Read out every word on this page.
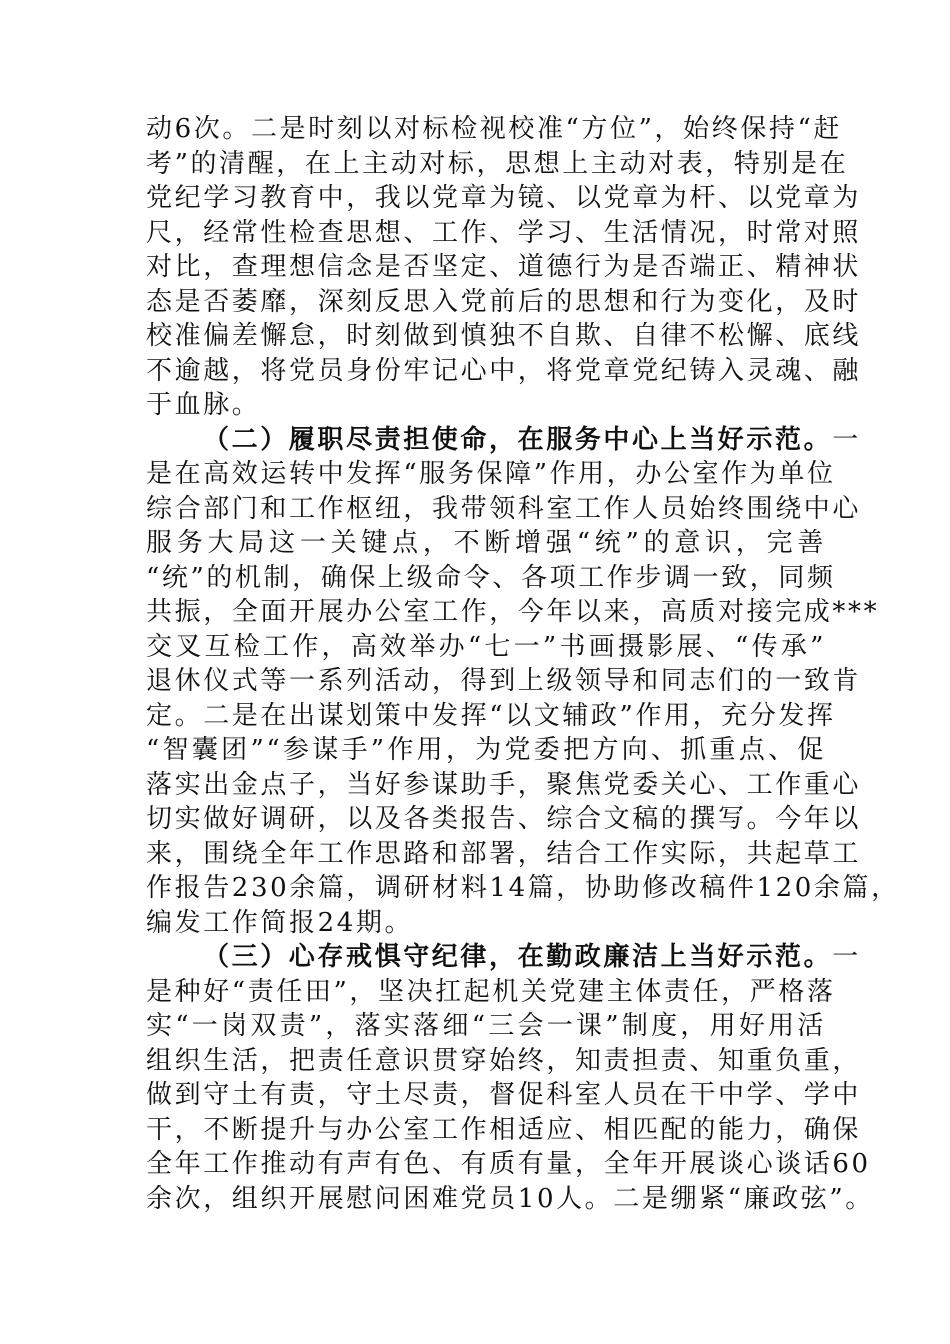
动6次。二是时刻以对标检视校准“方位”，始终保持“赶
考”的清醒，在上主动对标，思想上主动对表，特别是在
党纪学习教育中，我以党章为镜、以党章为杆、以党章为
尺，经常性检查思想、工作、学习、生活情况，时常对照
对比，查理想信念是否坚定、道德行为是否端正、精神状
态是否萎靡，深刻反思入党前后的思想和行为变化，及时
校准偏差懈怠，时刻做到慎独不自欺、自律不松懈、底线
不逾越，将党员身份牢记心中，将党章党纪铸入灵魂、融
于血脉。

（二）履职尽责担使命，在服务中心上当好示范。一
是在高效运转中发挥“服务保障”作用，办公室作为单位
综合部门和工作枢纽，我带领科室工作人员始终围绕中心
服务大局这一关键点，不断增强“统”的意识，完善
“统”的机制，确保上级命令、各项工作步调一致，同频
共振，全面开展办公室工作，今年以来，高质对接完成***
交叉互检工作，高效举办“七一”书画摄影展、“传承”
退休仪式等一系列活动，得到上级领导和同志们的一致肯
定。二是在出谋划策中发挥“以文辅政”作用，充分发挥
“智囊团”“参谋手”作用，为党委把方向、抓重点、促
落实出金点子，当好参谋助手，聚焦党委关心、工作重心
切实做好调研，以及各类报告、综合文稿的撰写。今年以
来，围绕全年工作思路和部署，结合工作实际，共起草工
作报告230余篇，调研材料14篇，协助修改稿件120余篇，
编发工作简报24期。

（三）心存戒惧守纪律，在勤政廉洁上当好示范。一
是种好“责任田”，坚决扛起机关党建主体责任，严格落
实“一岗双责”，落实落细“三会一课”制度，用好用活
组织生活，把责任意识贯穿始终，知责担责、知重负重，
做到守土有责，守土尽责，督促科室人员在干中学、学中
干，不断提升与办公室工作相适应、相匹配的能力，确保
全年工作推动有声有色、有质有量，全年开展谈心谈话60
余次，组织开展慰问困难党员10人。二是绷紧“廉政弦”。
